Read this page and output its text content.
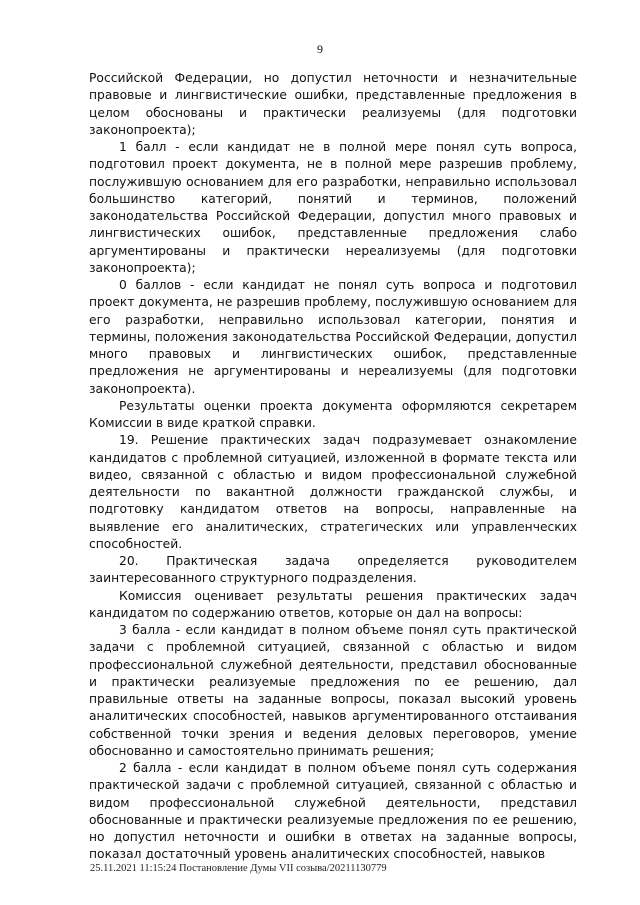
9

Российской Федерации, но допустил неточности и незначительные правовые и лингвистические ошибки, представленные предложения в целом обоснованы и практически реализуемы (для подготовки законопроекта);

1 балл - если кандидат не в полной мере понял суть вопроса, подготовил проект документа, не в полной мере разрешив проблему, послужившую основанием для его разработки, неправильно использовал большинство категорий, понятий и терминов, положений законодательства Российской Федерации, допустил много правовых и лингвистических ошибок, представленные предложения слабо аргументированы и практически нереализуемы (для подготовки законопроекта);

0 баллов - если кандидат не понял суть вопроса и подготовил проект документа, не разрешив проблему, послужившую основанием для его разработки, неправильно использовал категории, понятия и термины, положения законодательства Российской Федерации, допустил много правовых и лингвистических ошибок, представленные предложения не аргументированы и нереализуемы (для подготовки законопроекта).

Результаты оценки проекта документа оформляются секретарем Комиссии в виде краткой справки.

19. Решение практических задач подразумевает ознакомление кандидатов с проблемной ситуацией, изложенной в формате текста или видео, связанной с областью и видом профессиональной служебной деятельности по вакантной должности гражданской службы, и подготовку кандидатом ответов на вопросы, направленные на выявление его аналитических, стратегических или управленческих способностей.

20. Практическая задача определяется руководителем заинтересованного структурного подразделения.

Комиссия оценивает результаты решения практических задач кандидатом по содержанию ответов, которые он дал на вопросы:

3 балла - если кандидат в полном объеме понял суть практической задачи с проблемной ситуацией, связанной с областью и видом профессиональной служебной деятельности, представил обоснованные и практически реализуемые предложения по ее решению, дал правильные ответы на заданные вопросы, показал высокий уровень аналитических способностей, навыков аргументированного отстаивания собственной точки зрения и ведения деловых переговоров, умение обоснованно и самостоятельно принимать решения;

2 балла - если кандидат в полном объеме понял суть содержания практической задачи с проблемной ситуацией, связанной с областью и видом профессиональной служебной деятельности, представил обоснованные и практически реализуемые предложения по ее решению, но допустил неточности и ошибки в ответах на заданные вопросы, показал достаточный уровень аналитических способностей, навыков

25.11.2021 11:15:24 Постановление Думы VII созыва/20211130779
